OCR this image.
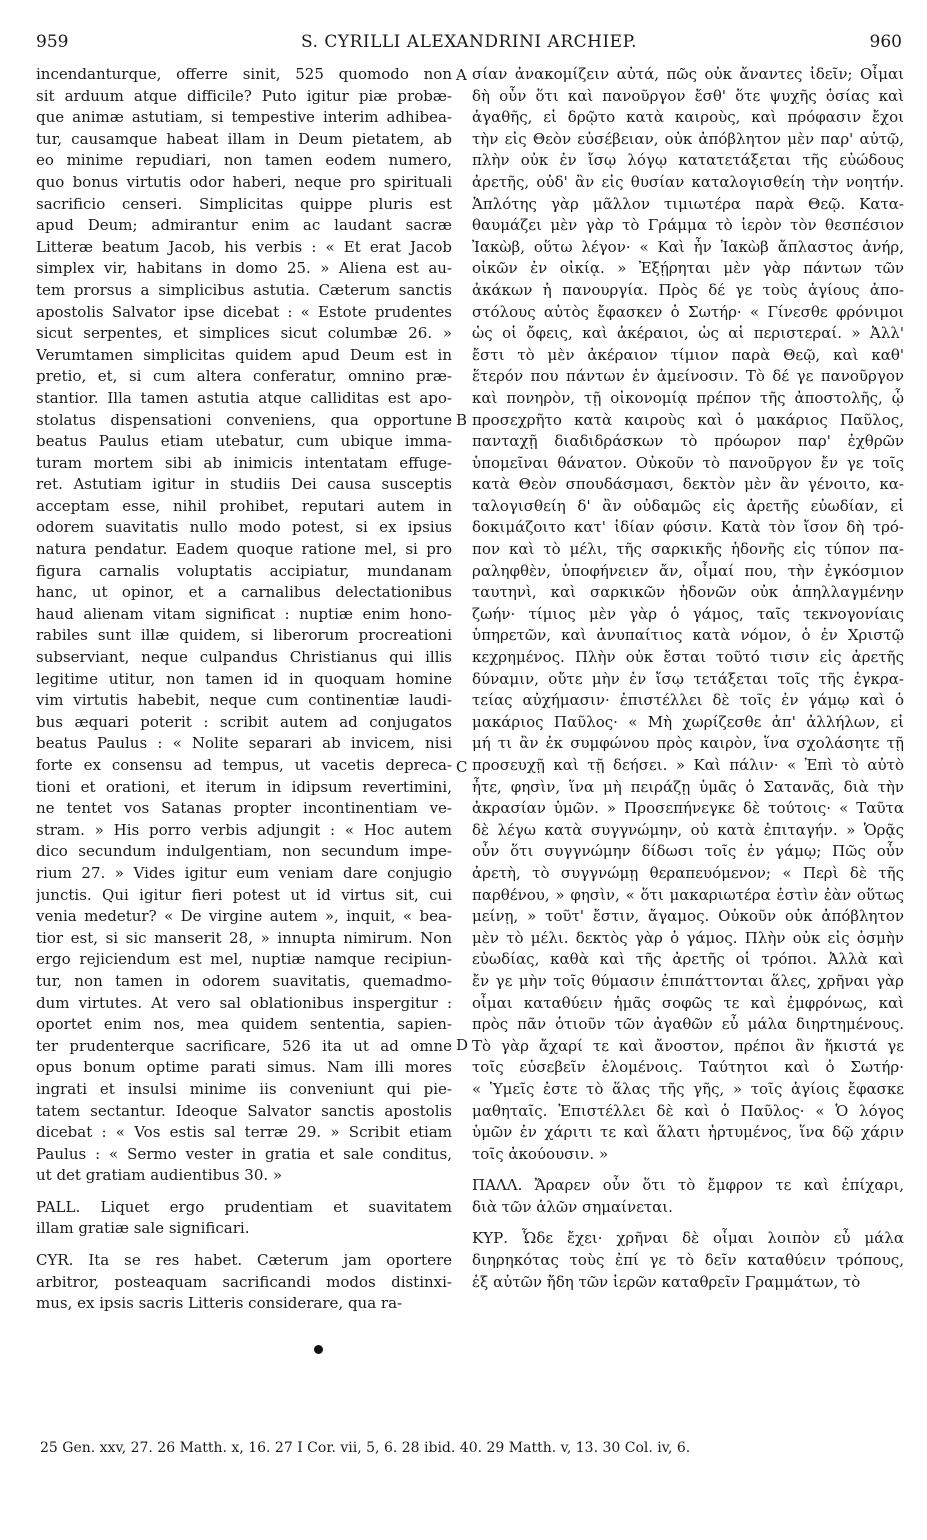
959	S. CYRILLI ALEXANDRINI ARCHIEP.	960
incendanturque, offerre sinit, 525 quomodo non
sit arduum atque difficile? Puto igitur piæ probæ-
que animæ astutiam, si tempestive interim adhibea-
tur, causamque habeat illam in Deum pietatem, ab
eo minime repudiari, non tamen eodem numero,
quo bonus virtutis odor haberi, neque pro spirituali
sacrificio censeri. Simplicitas quippe pluris est
apud Deum; admirantur enim ac laudant sacræ
Litteræ beatum Jacob, his verbis : « Et erat Jacob
simplex vir, habitans in domo 25. » Aliena est au-
tem prorsus a simplicibus astutia. Cæterum sanctis
apostolis Salvator ipse dicebat : « Estote prudentes
sicut serpentes, et simplices sicut columbæ 26. »
Verumtamen simplicitas quidem apud Deum est in
pretio, et, si cum altera conferatur, omnino præ-
stantior. Illa tamen astutia atque calliditas est apo-
stolatus dispensationi conveniens, qua opportune
beatus Paulus etiam utebatur, cum ubique imma-
turam mortem sibi ab inimicis intentatam effuge-
ret. Astutiam igitur in studiis Dei causa susceptis
acceptam esse, nihil prohibet, reputari autem in
odorem suavitatis nullo modo potest, si ex ipsius
natura pendatur. Eadem quoque ratione mel, si pro
figura carnalis voluptatis accipiatur, mundanam
hanc, ut opinor, et a carnalibus delectationibus
haud alienam vitam significat : nuptiæ enim hono-
rabiles sunt illæ quidem, si liberorum procreationi
subserviant, neque culpandus Christianus qui illis
legitime utitur, non tamen id in quoquam homine
vim virtutis habebit, neque cum continentiæ laudi-
bus æquari poterit : scribit autem ad conjugatos
beatus Paulus : « Nolite separari ab invicem, nisi
forte ex consensu ad tempus, ut vacetis depreca-
tioni et orationi, et iterum in idipsum revertimini,
ne tentet vos Satanas propter incontinentiam ve-
stram. » His porro verbis adjungit : « Hoc autem
dico secundum indulgentiam, non secundum impe-
rium 27. » Vides igitur eum veniam dare conjugio
junctis. Qui igitur fieri potest ut id virtus sit, cui
venia medetur? « De virgine autem », inquit, « bea-
tior est, si sic manserit 28, » innupta nimirum. Non
ergo rejiciendum est mel, nuptiæ namque recipiun-
tur, non tamen in odorem suavitatis, quemadmo-
dum virtutes. At vero sal oblationibus inspergitur :
oportet enim nos, mea quidem sententia, sapien-
ter prudenterque sacrificare, 526 ita ut ad omne
opus bonum optime parati simus. Nam illi mores
ingrati et insulsi minime iis conveniunt qui pie-
tatem sectantur. Ideoque Salvator sanctis apostolis
dicebat : « Vos estis sal terræ 29. » Scribit etiam
Paulus : « Sermo vester in gratia et sale conditus,
ut det gratiam audientibus 30. »
PALL. Liquet ergo prudentiam et suavitatem
illam gratiæ sale significari.
CYR. Ita se res habet. Cæterum jam oportere
arbitror, posteaquam sacrificandi modos distinxi-
mus, ex ipsis sacris Litteris considerare, qua ra-
σίαν ἀνακομίζειν αὐτά, πῶς οὐκ ἄναντες ἰδεῖν; Οἶμαι
δὴ οὖν ὅτι καὶ πανοῦργον ἔσθ' ὅτε ψυχῆς ὁσίας καὶ
ἀγαθῆς, εἰ δρῷτο κατὰ καιροὺς, καὶ πρόφασιν ἔχοι
τὴν εἰς Θεὸν εὐσέβειαν, οὐκ ἀπόβλητον μὲν παρ' αὐτῷ,
πλὴν οὐκ ἐν ἴσῳ λόγῳ κατατετάξεται τῆς εὐώδους
ἀρετῆς, οὐδ' ἂν εἰς θυσίαν καταλογισθείη τὴν νοητήν.
Ἁπλότης γὰρ μᾶλλον τιμιωτέρα παρὰ Θεῷ. Κατα-
θαυμάζει μὲν γὰρ τὸ Γράμμα τὸ ἱερὸν τὸν θεσπέσιον
Ἰακὼβ, οὕτω λέγον· « Καὶ ἦν Ἰακὼβ ἄπλαστος ἀνήρ,
οἰκῶν ἐν οἰκίᾳ. » Ἐξῄρηται μὲν γὰρ πάντων τῶν
ἀκάκων ἡ πανουργία. Πρὸς δέ γε τοὺς ἁγίους ἀπο-
στόλους αὐτὸς ἔφασκεν ὁ Σωτήρ· « Γίνεσθε φρόνιμοι
ὡς οἱ ὄφεις, καὶ ἀκέραιοι, ὡς αἱ περιστεραί. » Ἀλλ'
ἔστι τὸ μὲν ἀκέραιον τίμιον παρὰ Θεῷ, καὶ καθ'
ἕτερόν που πάντων ἐν ἀμείνοσιν. Τὸ δέ γε πανοῦργον
καὶ πονηρὸν, τῇ οἰκονομίᾳ πρέπον τῆς ἀποστολῆς, ᾧ
προσεχρῆτο κατὰ καιροὺς καὶ ὁ μακάριος Παῦλος,
πανταχῇ διαδιδράσκων τὸ πρόωρον παρ' ἐχθρῶν
ὑπομεῖναι θάνατον. Οὐκοῦν τὸ πανοῦργον ἔν γε τοῖς
κατὰ Θεὸν σπουδάσμασι, δεκτὸν μὲν ἂν γένοιτο, κα-
ταλογισθείη δ' ἂν οὐδαμῶς εἰς ἀρετῆς εὐωδίαν, εἰ
δοκιμάζοιτο κατ' ἰδίαν φύσιν. Κατὰ τὸν ἴσον δὴ τρό-
πον καὶ τὸ μέλι, τῆς σαρκικῆς ἡδονῆς εἰς τύπον πα-
ραληφθὲν, ὑποφήνειεν ἄν, οἶμαί που, τὴν ἐγκόσμιον
ταυτηνὶ, καὶ σαρκικῶν ἡδονῶν οὐκ ἀπηλλαγμένην
ζωήν· τίμιος μὲν γὰρ ὁ γάμος, ταῖς τεκνογονίαις
ὑπηρετῶν, καὶ ἀνυπαίτιος κατὰ νόμον, ὁ ἐν Χριστῷ
κεχρημένος. Πλὴν οὐκ ἔσται τοῦτό τισιν εἰς ἀρετῆς
δύναμιν, οὔτε μὴν ἐν ἴσῳ τετάξεται τοῖς τῆς ἐγκρα-
τείας αὐχήμασιν· ἐπιστέλλει δὲ τοῖς ἐν γάμῳ καὶ ὁ
μακάριος Παῦλος· « Μὴ χωρίζεσθε ἀπ' ἀλλήλων, εἰ
μή τι ἂν ἐκ συμφώνου πρὸς καιρὸν, ἵνα σχολάσητε τῇ
προσευχῇ καὶ τῇ δεήσει. » Καὶ πάλιν· « Ἐπὶ τὸ αὐτὸ
ἦτε, φησὶν, ἵνα μὴ πειράζῃ ὑμᾶς ὁ Σατανᾶς, διὰ τὴν
ἀκρασίαν ὑμῶν. » Προσεπήνεγκε δὲ τούτοις· « Ταῦτα
δὲ λέγω κατὰ συγγνώμην, οὐ κατὰ ἐπιταγήν. » Ὁρᾷς
οὖν ὅτι συγγνώμην δίδωσι τοῖς ἐν γάμῳ; Πῶς οὖν
ἀρετὴ, τὸ συγγνώμῃ θεραπευόμενον; « Περὶ δὲ τῆς
παρθένου, » φησὶν, « ὅτι μακαριωτέρα ἐστὶν ἐὰν οὕτως
μείνῃ, » τοῦτ' ἔστιν, ἄγαμος. Οὐκοῦν οὐκ ἀπόβλητον
μὲν τὸ μέλι. δεκτὸς γὰρ ὁ γάμος. Πλὴν οὐκ εἰς ὀσμὴν
εὐωδίας, καθὰ καὶ τῆς ἀρετῆς οἱ τρόποι. Ἀλλὰ καὶ
ἔν γε μὴν τοῖς θύμασιν ἐπιπάττονται ἅλες, χρῆναι γὰρ
οἶμαι καταθύειν ἡμᾶς σοφῶς τε καὶ ἐμφρόνως, καὶ
πρὸς πᾶν ὁτιοῦν τῶν ἀγαθῶν εὖ μάλα διηρτημένους.
Τὸ γὰρ ἄχαρί τε καὶ ἄνοστον, πρέποι ἂν ἥκιστά γε
τοῖς εὐσεβεῖν ἑλομένοις. Ταύτητοι καὶ ὁ Σωτήρ·
« Ὑμεῖς ἐστε τὸ ἅλας τῆς γῆς, » τοῖς ἁγίοις ἔφασκε
μαθηταῖς. Ἐπιστέλλει δὲ καὶ ὁ Παῦλος· « Ὁ λόγος
ὑμῶν ἐν χάριτι τε καὶ ἅλατι ἠρτυμένος, ἵνα δῷ χάριν
τοῖς ἀκούουσιν. »
ΠΑΛΛ. Ἄραρεν οὖν ὅτι τὸ ἔμφρον τε καὶ ἐπίχαρι,
διὰ τῶν ἁλῶν σημαίνεται.
ΚΥΡ. Ὧδε ἔχει· χρῆναι δὲ οἶμαι λοιπὸν εὖ μάλα
διηρηκότας τοὺς ἐπί γε τὸ δεῖν καταθύειν τρόπους,
ἐξ αὐτῶν ἤδη τῶν ἱερῶν καταθρεῖν Γραμμάτων, τὸ
A
B
C
D
25 Gen. xxv, 27. 26 Matth. x, 16. 27 I Cor. vii, 5, 6. 28 ibid. 40. 29 Matth. v, 13. 30 Col. iv, 6.
